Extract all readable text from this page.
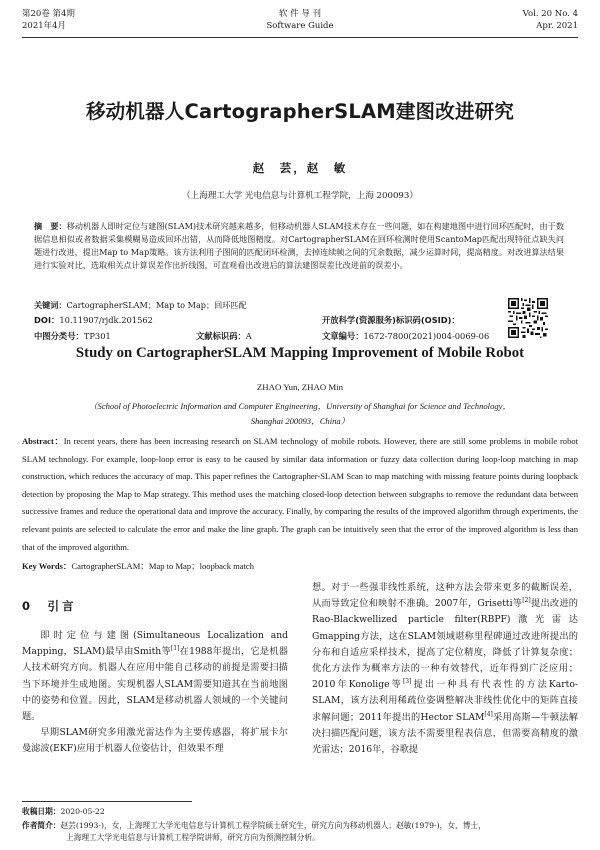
第20卷 第4期
2021年4月
软 件 导 刊
Software Guide
Vol. 20 No. 4
Apr. 2021
移动机器人CartographerSLAM建图改进研究
赵　芸，赵　敏
（上海理工大学 光电信息与计算机工程学院，上海 200093）
摘　要：移动机器人即时定位与建图(SLAM)技术研究越来越多，但移动机器人SLAM技术存在一些问题，如在构建地图中进行回环匹配时，由于数据信息相似或者数据采集模糊易造成回环出错，从而降低地图精度。对CartographerSLAM在回环检测时使用ScantoMap匹配出现特征点缺失问题进行改进，提出Map to Map策略。该方法利用子图间的匹配闭环检测，去掉连续帧之间的冗余数据，减少运算时间，提高精度。对改进算法结果进行实验对比，选取相关点计算误差作出折线图，可直观看出改进后的算法建图误差比改进前的误差小。
关键词：CartographerSLAM；Map to Map；回环匹配
DOI：10.11907/rjdk.201562	开放科学(资源服务)标识码(OSID)：
中图分类号：TP301	文献标识码：A	文章编号：1672-7800(2021)004-0069-06
Study on CartographerSLAM Mapping Improvement of Mobile Robot
ZHAO Yun, ZHAO Min
（School of Photoelectric Information and Computer Engineering，University of Shanghai for Science and Technology，Shanghai 200093，China）
Abstract：In recent years, there has been increasing research on SLAM technology of mobile robots. However, there are still some problems in mobile robot SLAM technology. For example, loop-loop error is easy to be caused by similar data information or fuzzy data collection during loop-loop matching in map construction, which reduces the accuracy of map. This paper refines the Cartographer-SLAM Scan to map matching with missing feature points during loopback detection by proposing the Map to Map strategy. This method uses the matching closed-loop detection between subgraphs to remove the redundant data between successive frames and reduce the operational data and improve the accuracy. Finally, by comparing the results of the improved algorithm through experiments, the relevant points are selected to calculate the error and make the line graph. The graph can be intuitively seen that the error of the improved algorithm is less than that of the improved algorithm.
Key Words：CartographerSLAM；Map to Map；loopback match
0　引言

即时定位与建图(Simultaneous Localization and Mapping，SLAM)最早由Smith等[1]在1988年提出，它是机器人技术研究方向。机器人在应用中能自己移动的前提是需要扫描当下环境并生成地图。实现机器人SLAM需要知道其在当前地图中的姿势和位置。因此，SLAM是移动机器人领域的一个关键问题。

早期SLAM研究多用激光雷达作为主要传感器，将扩展卡尔曼滤波(EKF)应用于机器人位姿估计，但效果不理

想。对于一些强非线性系统，这种方法会带来更多的截断误差，从而导致定位和映射不准确。2007年，Grisetti等[2]提出改进的Rao-Blackwellized particle filter(RBPF)激光雷达Gmapping方法，这在SLAM领域堪称里程碑通过改进所提出的分布和自适应采样技术，提高了定位精度，降低了计算复杂度；优化方法作为概率方法的一种有效替代，近年得到广泛应用；2010年Konolige等[3]提出一种具有代表性的方法Karto-SLAM，该方法利用稀疏位姿调整解决非线性优化中的矩阵直接求解问题；2011年提出的Hector SLAM[4]采用高斯—牛顿法解决扫描匹配问题，该方法不需要里程表信息，但需要高精度的激光雷达；2016年，谷歌提

收稿日期：2020-05-22
作者简介：赵芸(1993-)，女，上海理工大学光电信息与计算机工程学院硕士研究生，研究方向为移动机器人；赵敏(1979-)，女，博士，
上海理工大学光电信息与计算机工程学院讲师，研究方向为预测控制分析。
